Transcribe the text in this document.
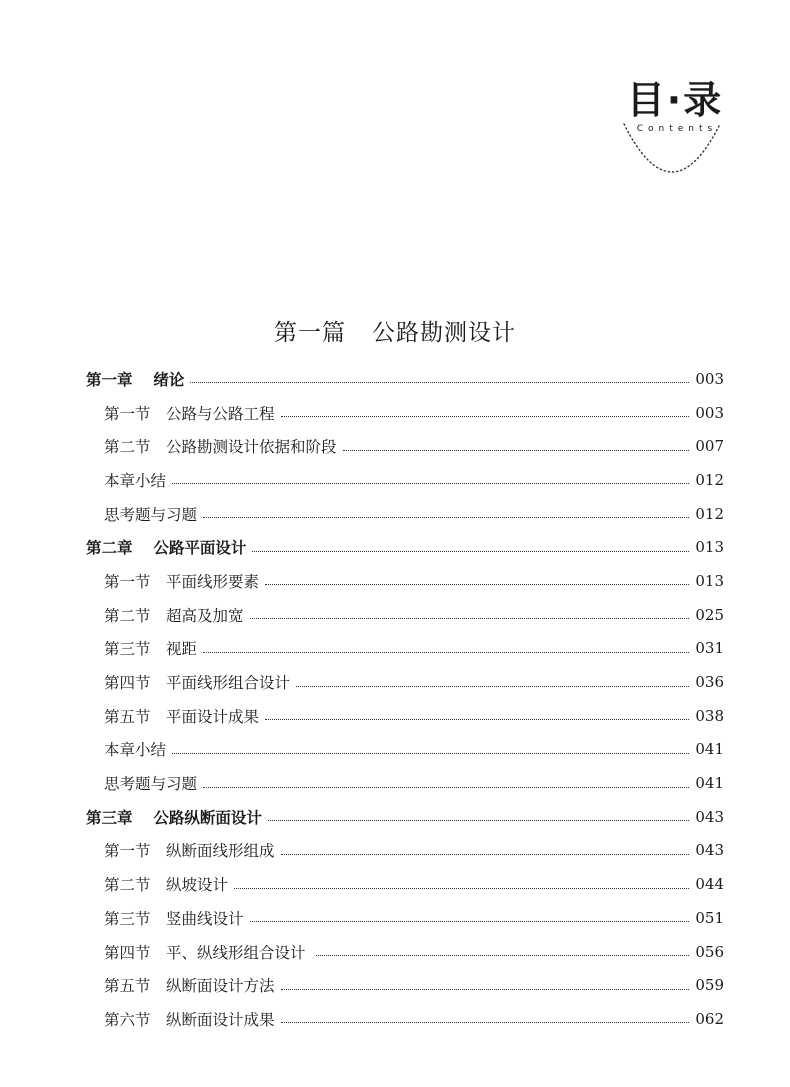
目·录
Contents
第一篇 公路勘测设计
第一章　 绪论	003
第一节　公路与公路工程	003
第二节　公路勘测设计依据和阶段	007
本章小结	012
思考题与习题	012
第二章　 公路平面设计	013
第一节　平面线形要素	013
第二节　超高及加宽	025
第三节　视距	031
第四节　平面线形组合设计	036
第五节　平面设计成果	038
本章小结	041
思考题与习题	041
第三章　 公路纵断面设计	043
第一节　纵断面线形组成	043
第二节　纵坡设计	044
第三节　竖曲线设计	051
第四节　平、纵线形组合设计	056
第五节　纵断面设计方法	059
第六节　纵断面设计成果	062
